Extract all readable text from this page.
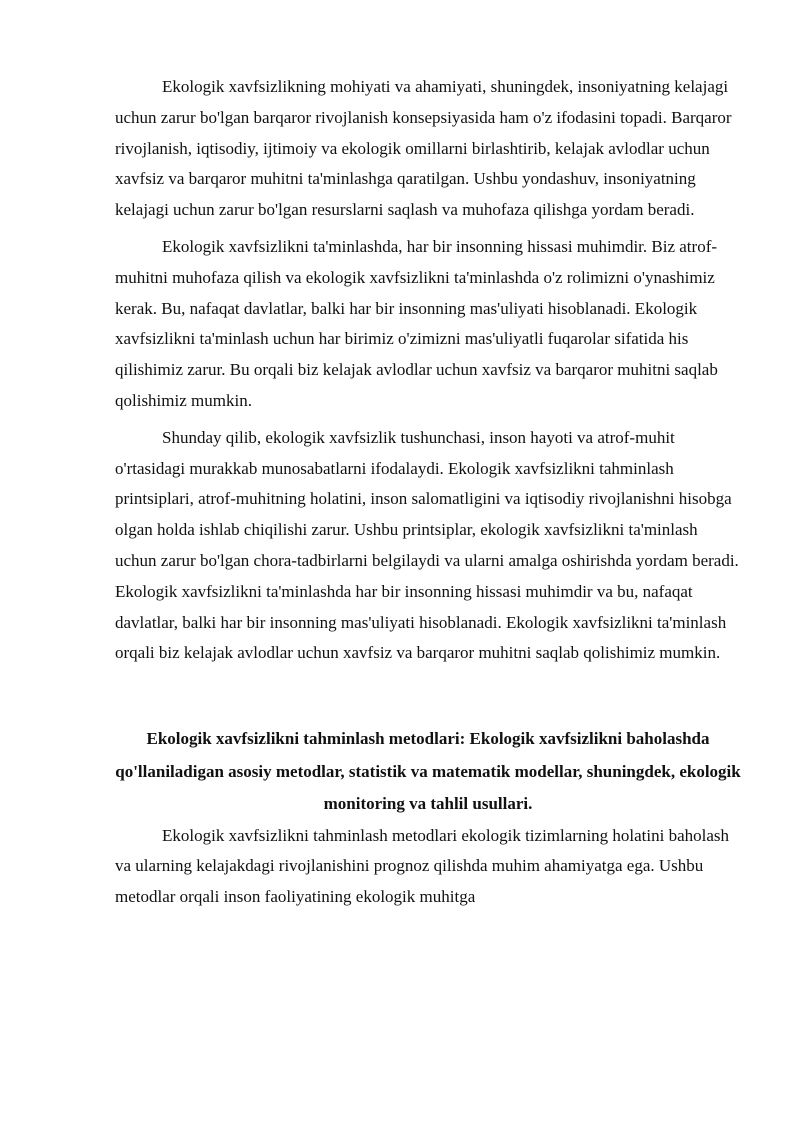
Ekologik xavfsizlikning mohiyati va ahamiyati, shuningdek, insoniyatning kelajagi uchun zarur bo'lgan barqaror rivojlanish konsepsiyasida ham o'z ifodasini topadi. Barqaror rivojlanish, iqtisodiy, ijtimoiy va ekologik omillarni birlashtirib, kelajak avlodlar uchun xavfsiz va barqaror muhitni ta'minlashga qaratilgan. Ushbu yondashuv, insoniyatning kelajagi uchun zarur bo'lgan resurslarni saqlash va muhofaza qilishga yordam beradi.

Ekologik xavfsizlikni ta'minlashda, har bir insonning hissasi muhimdir. Biz atrof-muhitni muhofaza qilish va ekologik xavfsizlikni ta'minlashda o'z rolimizni o'ynashimiz kerak. Bu, nafaqat davlatlar, balki har bir insonning mas'uliyati hisoblanadi. Ekologik xavfsizlikni ta'minlash uchun har birimiz o'zimizni mas'uliyatli fuqarolar sifatida his qilishimiz zarur. Bu orqali biz kelajak avlodlar uchun xavfsiz va barqaror muhitni saqlab qolishimiz mumkin.

Shunday qilib, ekologik xavfsizlik tushunchasi, inson hayoti va atrof-muhit o'rtasidagi murakkab munosabatlarni ifodalaydi. Ekologik xavfsizlikni tahminlash printsiplari, atrof-muhitning holatini, inson salomatligini va iqtisodiy rivojlanishni hisobga olgan holda ishlab chiqilishi zarur. Ushbu printsiplar, ekologik xavfsizlikni ta'minlash uchun zarur bo'lgan chora-tadbirlarni belgilaydi va ularni amalga oshirishda yordam beradi. Ekologik xavfsizlikni ta'minlashda har bir insonning hissasi muhimdir va bu, nafaqat davlatlar, balki har bir insonning mas'uliyati hisoblanadi. Ekologik xavfsizlikni ta'minlash orqali biz kelajak avlodlar uchun xavfsiz va barqaror muhitni saqlab qolishimiz mumkin.

Ekologik xavfsizlikni tahminlash metodlari: Ekologik xavfsizlikni baholashda qo'llaniladigan asosiy metodlar, statistik va matematik modellar, shuningdek, ekologik monitoring va tahlil usullari.

Ekologik xavfsizlikni tahminlash metodlari ekologik tizimlarning holatini baholash va ularning kelajakdagi rivojlanishini prognoz qilishda muhim ahamiyatga ega. Ushbu metodlar orqali inson faoliyatining ekologik muhitga
